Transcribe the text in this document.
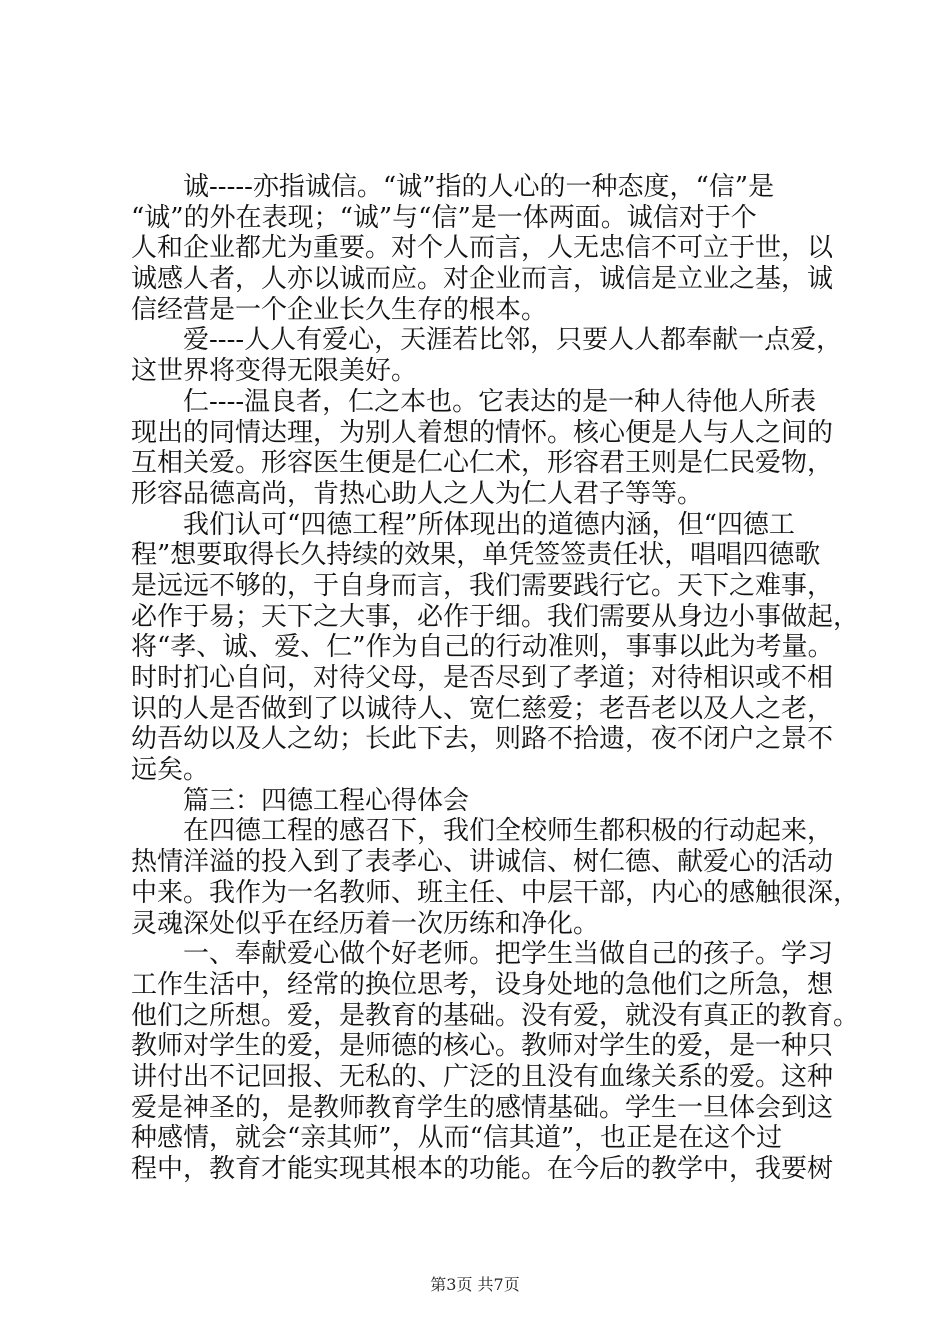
　　诚-----亦指诚信。“诚”指的人心的一种态度，“信”是
“诚”的外在表现；“诚”与“信”是一体两面。诚信对于个
人和企业都尤为重要。对个人而言，人无忠信不可立于世，以
诚感人者，人亦以诚而应。对企业而言，诚信是立业之基，诚
信经营是一个企业长久生存的根本。
　　爱----人人有爱心，天涯若比邻，只要人人都奉献一点爱，
这世界将变得无限美好。
　　仁----温良者，仁之本也。它表达的是一种人待他人所表
现出的同情达理，为别人着想的情怀。核心便是人与人之间的
互相关爱。形容医生便是仁心仁术，形容君王则是仁民爱物，
形容品德高尚，肯热心助人之人为仁人君子等等。
　　我们认可“四德工程”所体现出的道德内涵，但“四德工
程”想要取得长久持续的效果，单凭签签责任状，唱唱四德歌
是远远不够的，于自身而言，我们需要践行它。天下之难事，
必作于易；天下之大事，必作于细。我们需要从身边小事做起，
将“孝、诚、爱、仁”作为自己的行动准则，事事以此为考量。
时时扪心自问，对待父母，是否尽到了孝道；对待相识或不相
识的人是否做到了以诚待人、宽仁慈爱；老吾老以及人之老，
幼吾幼以及人之幼；长此下去，则路不拾遗，夜不闭户之景不
远矣。
　　篇三：四德工程心得体会
　　在四德工程的感召下，我们全校师生都积极的行动起来，
热情洋溢的投入到了表孝心、讲诚信、树仁德、献爱心的活动
中来。我作为一名教师、班主任、中层干部，内心的感触很深，
灵魂深处似乎在经历着一次历练和净化。
　　一、奉献爱心做个好老师。把学生当做自己的孩子。学习
工作生活中，经常的换位思考，设身处地的急他们之所急，想
他们之所想。爱，是教育的基础。没有爱，就没有真正的教育。
教师对学生的爱，是师德的核心。教师对学生的爱，是一种只
讲付出不记回报、无私的、广泛的且没有血缘关系的爱。这种
爱是神圣的，是教师教育学生的感情基础。学生一旦体会到这
种感情，就会“亲其师”，从而“信其道”，也正是在这个过
程中，教育才能实现其根本的功能。在今后的教学中，我要树
第3页 共7页
